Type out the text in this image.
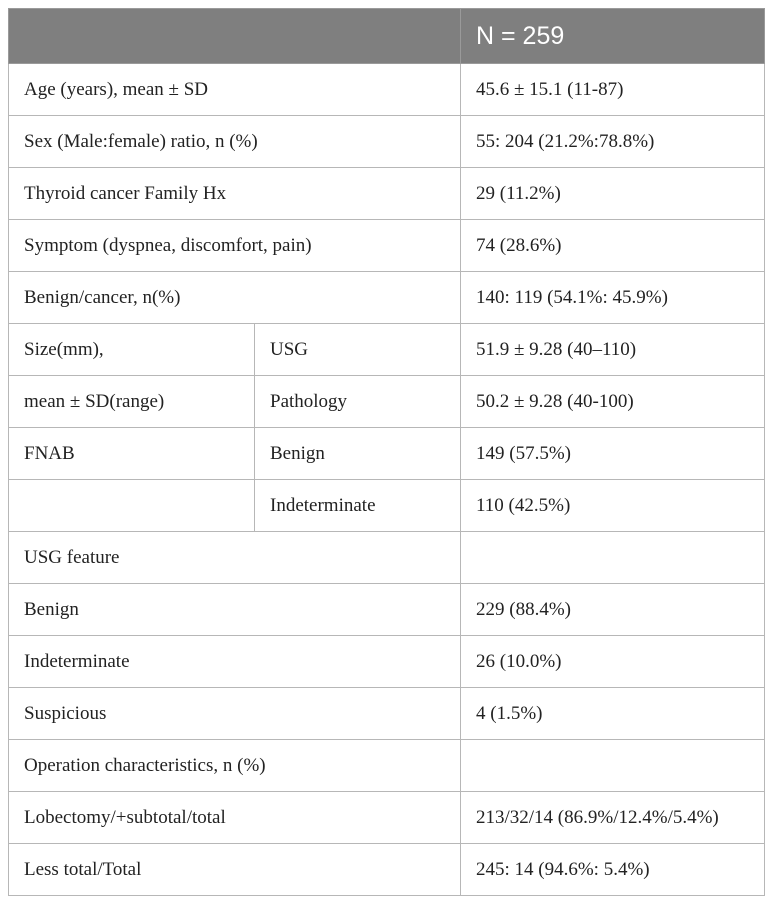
		N = 259
Age (years), mean ± SD		45.6 ± 15.1 (11-87)
Sex (Male:female) ratio, n (%)		55: 204 (21.2%:78.8%)
Thyroid cancer Family Hx		29 (11.2%)
Symptom (dyspnea, discomfort, pain)		74 (28.6%)
Benign/cancer, n(%)		140: 119 (54.1%: 45.9%)
Size(mm),	USG	51.9 ± 9.28 (40–110)
mean ± SD(range)	Pathology	50.2 ± 9.28 (40-100)
FNAB	Benign	149 (57.5%)
	Indeterminate	110 (42.5%)
USG feature		
Benign		229 (88.4%)
Indeterminate		26 (10.0%)
Suspicious		4 (1.5%)
Operation characteristics, n (%)		
Lobectomy/+subtotal/total		213/32/14 (86.9%/12.4%/5.4%)
Less total/Total		245: 14 (94.6%: 5.4%)
